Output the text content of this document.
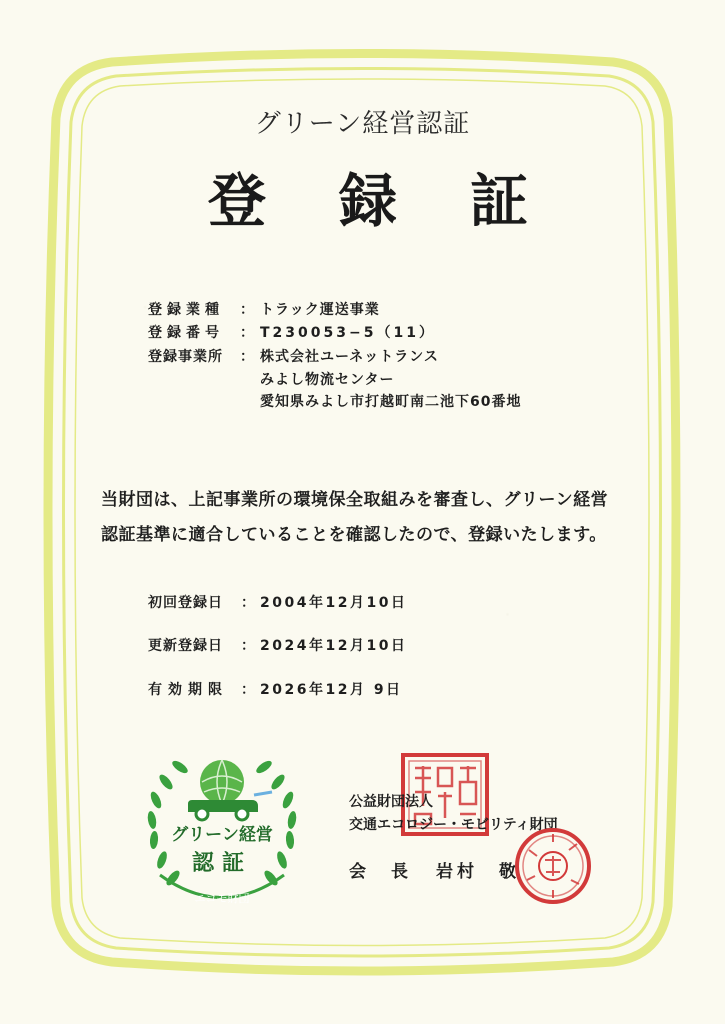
グリーン経営認証
登 録 証
登録業種	： トラック運送事業
登録番号	： T230053−5（11）
登録事業所	： 株式会社ユーネットランス
みよし物流センター
愛知県みよし市打越町南二池下60番地
当財団は、上記事業所の環境保全取組みを審査し、グリーン経営
認証基準に適合していることを確認したので、登録いたします。
初回登録日 ： 2004年12月10日
更新登録日 ： 2024年12月10日
有効期限 ： 2026年12月 9日
グリーン経営
認証
エコモ財団
公益財団法人
交通エコロジー・モビリティ財団
会　長 岩村　敬
